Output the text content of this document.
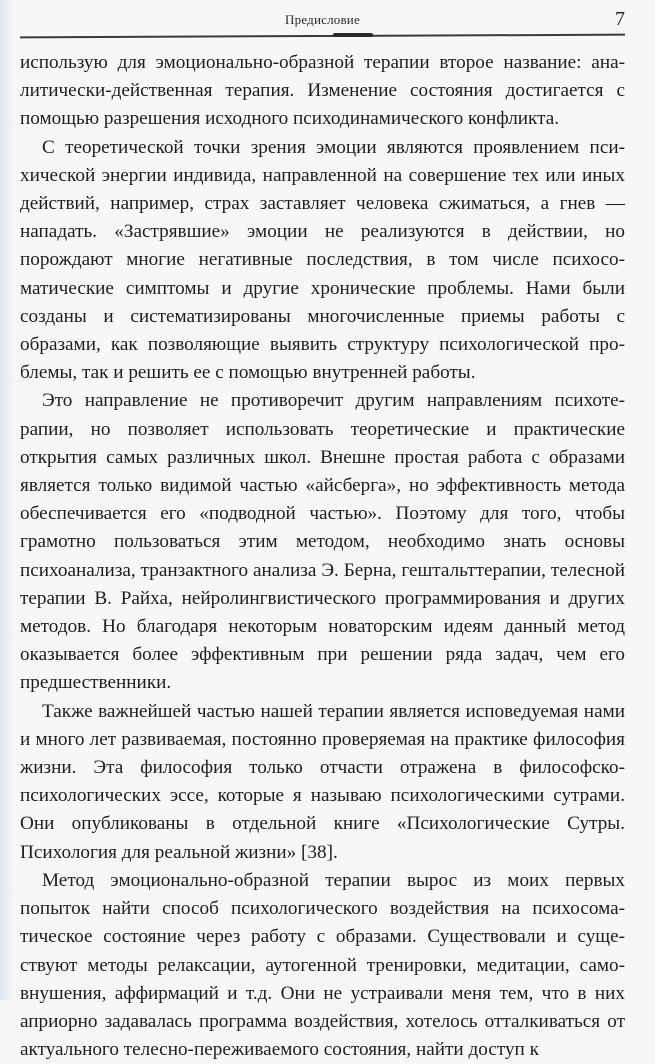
Предисловие	7

использую для эмоционально-образной терапии второе название: аналитически-действенная терапия. Изменение состояния достигается с помощью разрешения исходного психодинамического конфликта.

С теоретической точки зрения эмоции являются проявлением психической энергии индивида, направленной на совершение тех или иных действий, например, страх заставляет человека сжиматься, а гнев — нападать. «Застрявшие» эмоции не реализуются в действии, но порождают многие негативные последствия, в том числе психосоматические симптомы и другие хронические проблемы. Нами были созданы и систематизированы многочисленные приемы работы с образами, как позволяющие выявить структуру психологической проблемы, так и решить ее с помощью внутренней работы.

Это направление не противоречит другим направлениям психотерапии, но позволяет использовать теоретические и практические открытия самых различных школ. Внешне простая работа с образами является только видимой частью «айсберга», но эффективность метода обеспечивается его «подводной частью». Поэтому для того, чтобы грамотно пользоваться этим методом, необходимо знать основы психоанализа, транзактного анализа Э. Берна, гештальттерапии, телесной терапии В. Райха, нейролингвистического программирования и других методов. Но благодаря некоторым новаторским идеям данный метод оказывается более эффективным при решении ряда задач, чем его предшественники.

Также важнейшей частью нашей терапии является исповедуемая нами и много лет развиваемая, постоянно проверяемая на практике философия жизни. Эта философия только отчасти отражена в философско-психологических эссе, которые я называю психологическими сутрами. Они опубликованы в отдельной книге «Психологические Сутры. Психология для реальной жизни» [38].

Метод эмоционально-образной терапии вырос из моих первых попыток найти способ психологического воздействия на психосоматическое состояние через работу с образами. Существовали и существуют методы релаксации, аутогенной тренировки, медитации, самовнушения, аффирмаций и т.д. Они не устраивали меня тем, что в них априорно задавалась программа воздействия, хотелось отталкиваться от актуального телесно-переживаемого состояния, найти доступ к
